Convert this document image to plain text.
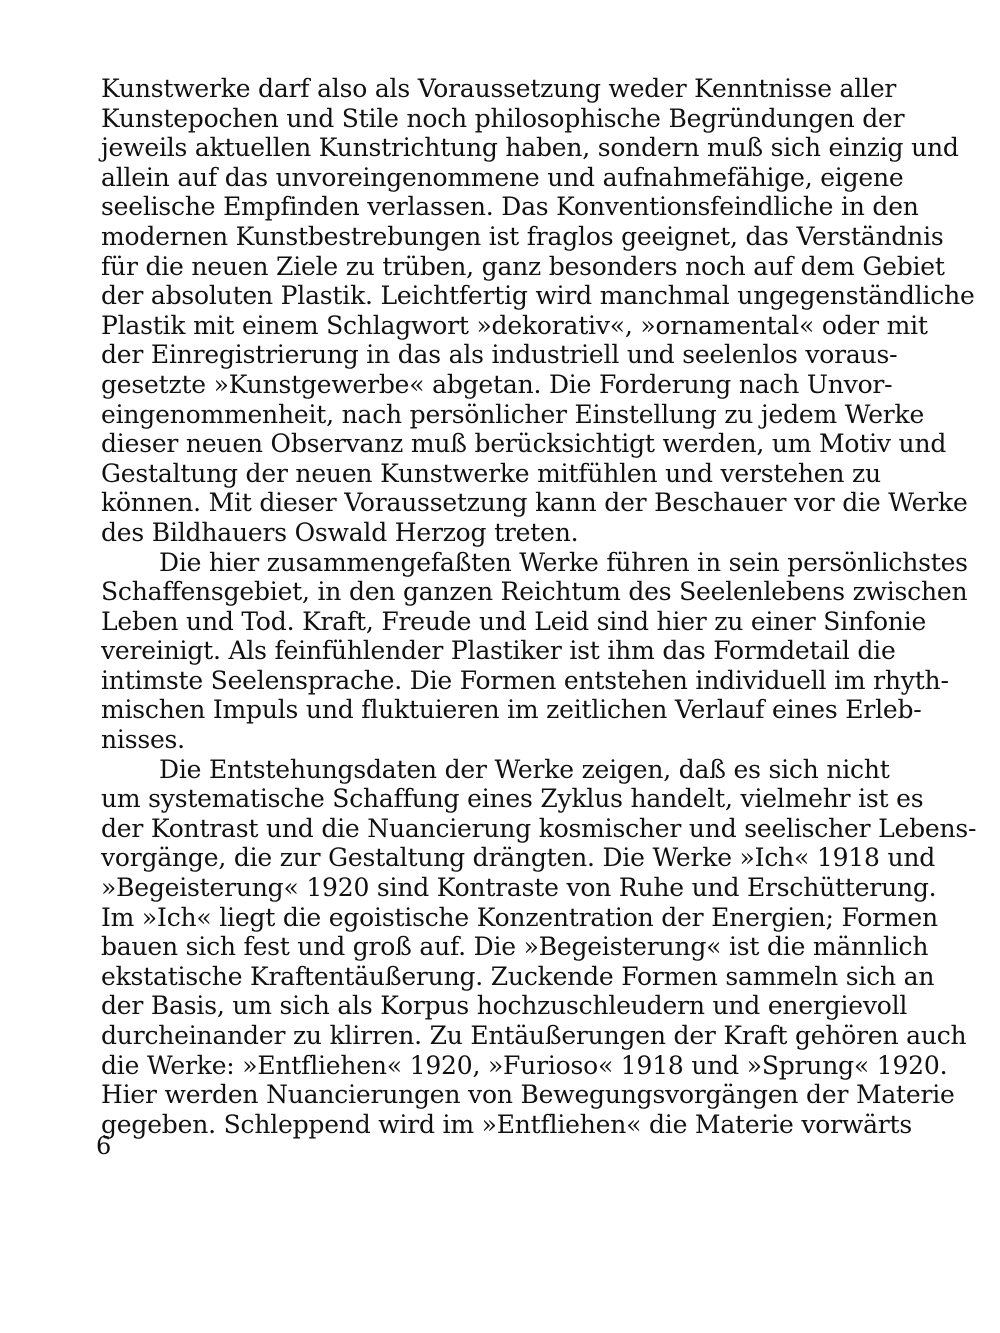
Kunstwerke darf also als Voraussetzung weder Kenntnisse aller
Kunstepochen und Stile noch philosophische Begründungen der
jeweils aktuellen Kunstrichtung haben, sondern muß sich einzig und
allein auf das unvoreingenommene und aufnahmefähige, eigene
seelische Empfinden verlassen. Das Konventionsfeindliche in den
modernen Kunstbestrebungen ist fraglos geeignet, das Verständnis
für die neuen Ziele zu trüben, ganz besonders noch auf dem Gebiet
der absoluten Plastik. Leichtfertig wird manchmal ungegenständliche
Plastik mit einem Schlagwort »dekorativ«, »ornamental« oder mit
der Einregistrierung in das als industriell und seelenlos voraus-
gesetzte »Kunstgewerbe« abgetan. Die Forderung nach Unvor-
eingenommenheit, nach persönlicher Einstellung zu jedem Werke
dieser neuen Observanz muß berücksichtigt werden, um Motiv und
Gestaltung der neuen Kunstwerke mitfühlen und verstehen zu
können. Mit dieser Voraussetzung kann der Beschauer vor die Werke
des Bildhauers Oswald Herzog treten.
Die hier zusammengefaßten Werke führen in sein persönlichstes
Schaffensgebiet, in den ganzen Reichtum des Seelenlebens zwischen
Leben und Tod. Kraft, Freude und Leid sind hier zu einer Sinfonie
vereinigt. Als feinfühlender Plastiker ist ihm das Formdetail die
intimste Seelensprache. Die Formen entstehen individuell im rhyth-
mischen Impuls und fluktuieren im zeitlichen Verlauf eines Erleb-
nisses.
Die Entstehungsdaten der Werke zeigen, daß es sich nicht
um systematische Schaffung eines Zyklus handelt, vielmehr ist es
der Kontrast und die Nuancierung kosmischer und seelischer Lebens-
vorgänge, die zur Gestaltung drängten. Die Werke »Ich« 1918 und
»Begeisterung« 1920 sind Kontraste von Ruhe und Erschütterung.
Im »Ich« liegt die egoistische Konzentration der Energien; Formen
bauen sich fest und groß auf. Die »Begeisterung« ist die männlich
ekstatische Kraftentäußerung. Zuckende Formen sammeln sich an
der Basis, um sich als Korpus hochzuschleudern und energievoll
durcheinander zu klirren. Zu Entäußerungen der Kraft gehören auch
die Werke: »Entfliehen« 1920, »Furioso« 1918 und »Sprung« 1920.
Hier werden Nuancierungen von Bewegungsvorgängen der Materie
gegeben. Schleppend wird im »Entfliehen« die Materie vorwärts
6
